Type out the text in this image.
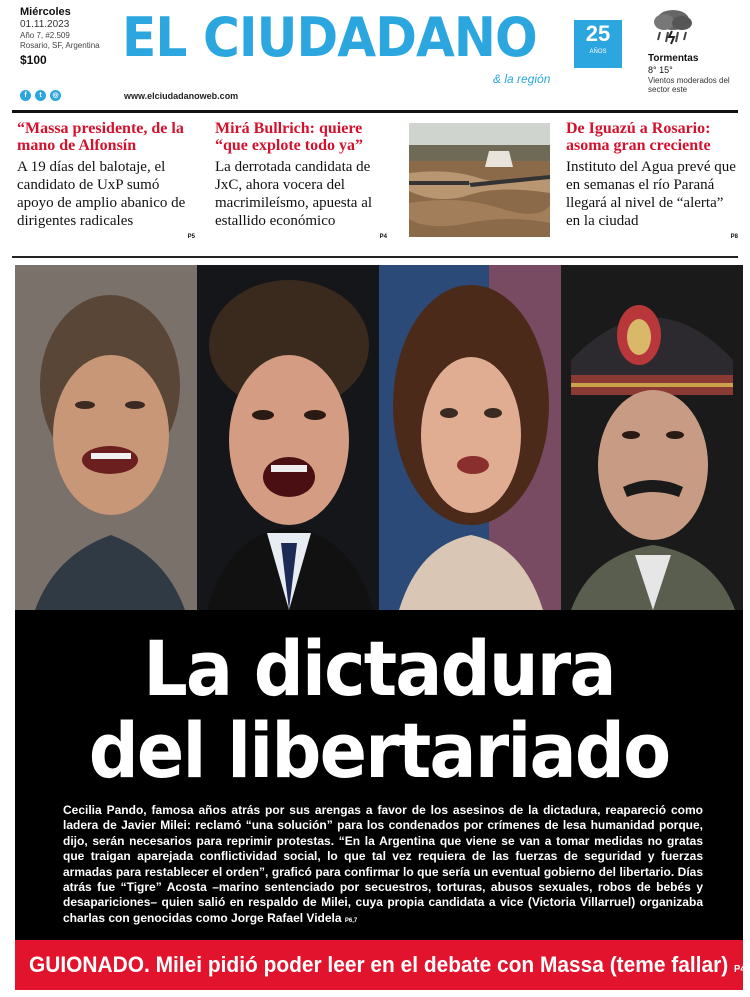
Miércoles
01.11.2023
Año 7, #2.509
Rosario, SF, Argentina
$100
f	t	◎
EL CIUDADANO	25
AÑOS
& la región
www.elciudadanoweb.com
Tormentas
8° 15°
Vientos moderados del sector este
“Massa presidente, de la mano de Alfonsín
A 19 días del balotaje, el candidato de UxP sumó apoyo de amplio abanico de dirigentes radicales
P5
Mirá Bullrich: quiere “que explote todo ya”
La derrotada candidata de JxC, ahora vocera del macrimileísmo, apuesta al estallido económico
P4
De Iguazú a Rosario: asoma gran creciente
Instituto del Agua prevé que en semanas el río Paraná llegará al nivel de “alerta” en la ciudad
P8
La dictadura
del libertariado
Cecilia Pando, famosa años atrás por sus arengas a favor de los asesinos de la dictadura, reapareció como ladera de Javier Milei: reclamó “una solución” para los condenados por crímenes de lesa humanidad porque, dijo, serán necesarios para reprimir protestas. “En la Argentina que viene se van a tomar medidas no gratas que traigan aparejada conflictividad social, lo que tal vez requiera de las fuerzas de seguridad y fuerzas armadas para restablecer el orden”, graficó para confirmar lo que sería un eventual gobierno del libertario. Días atrás fue “Tigre” Acosta –marino sentenciado por secuestros, torturas, abusos sexuales, robos de bebés y desapariciones– quien salió en respaldo de Milei, cuya propia candidata a vice (Victoria Villarruel) organizaba charlas con genocidas como Jorge Rafael Videla P6,7
GUIONADO. Milei pidió poder leer en el debate con Massa (teme fallar) P4
